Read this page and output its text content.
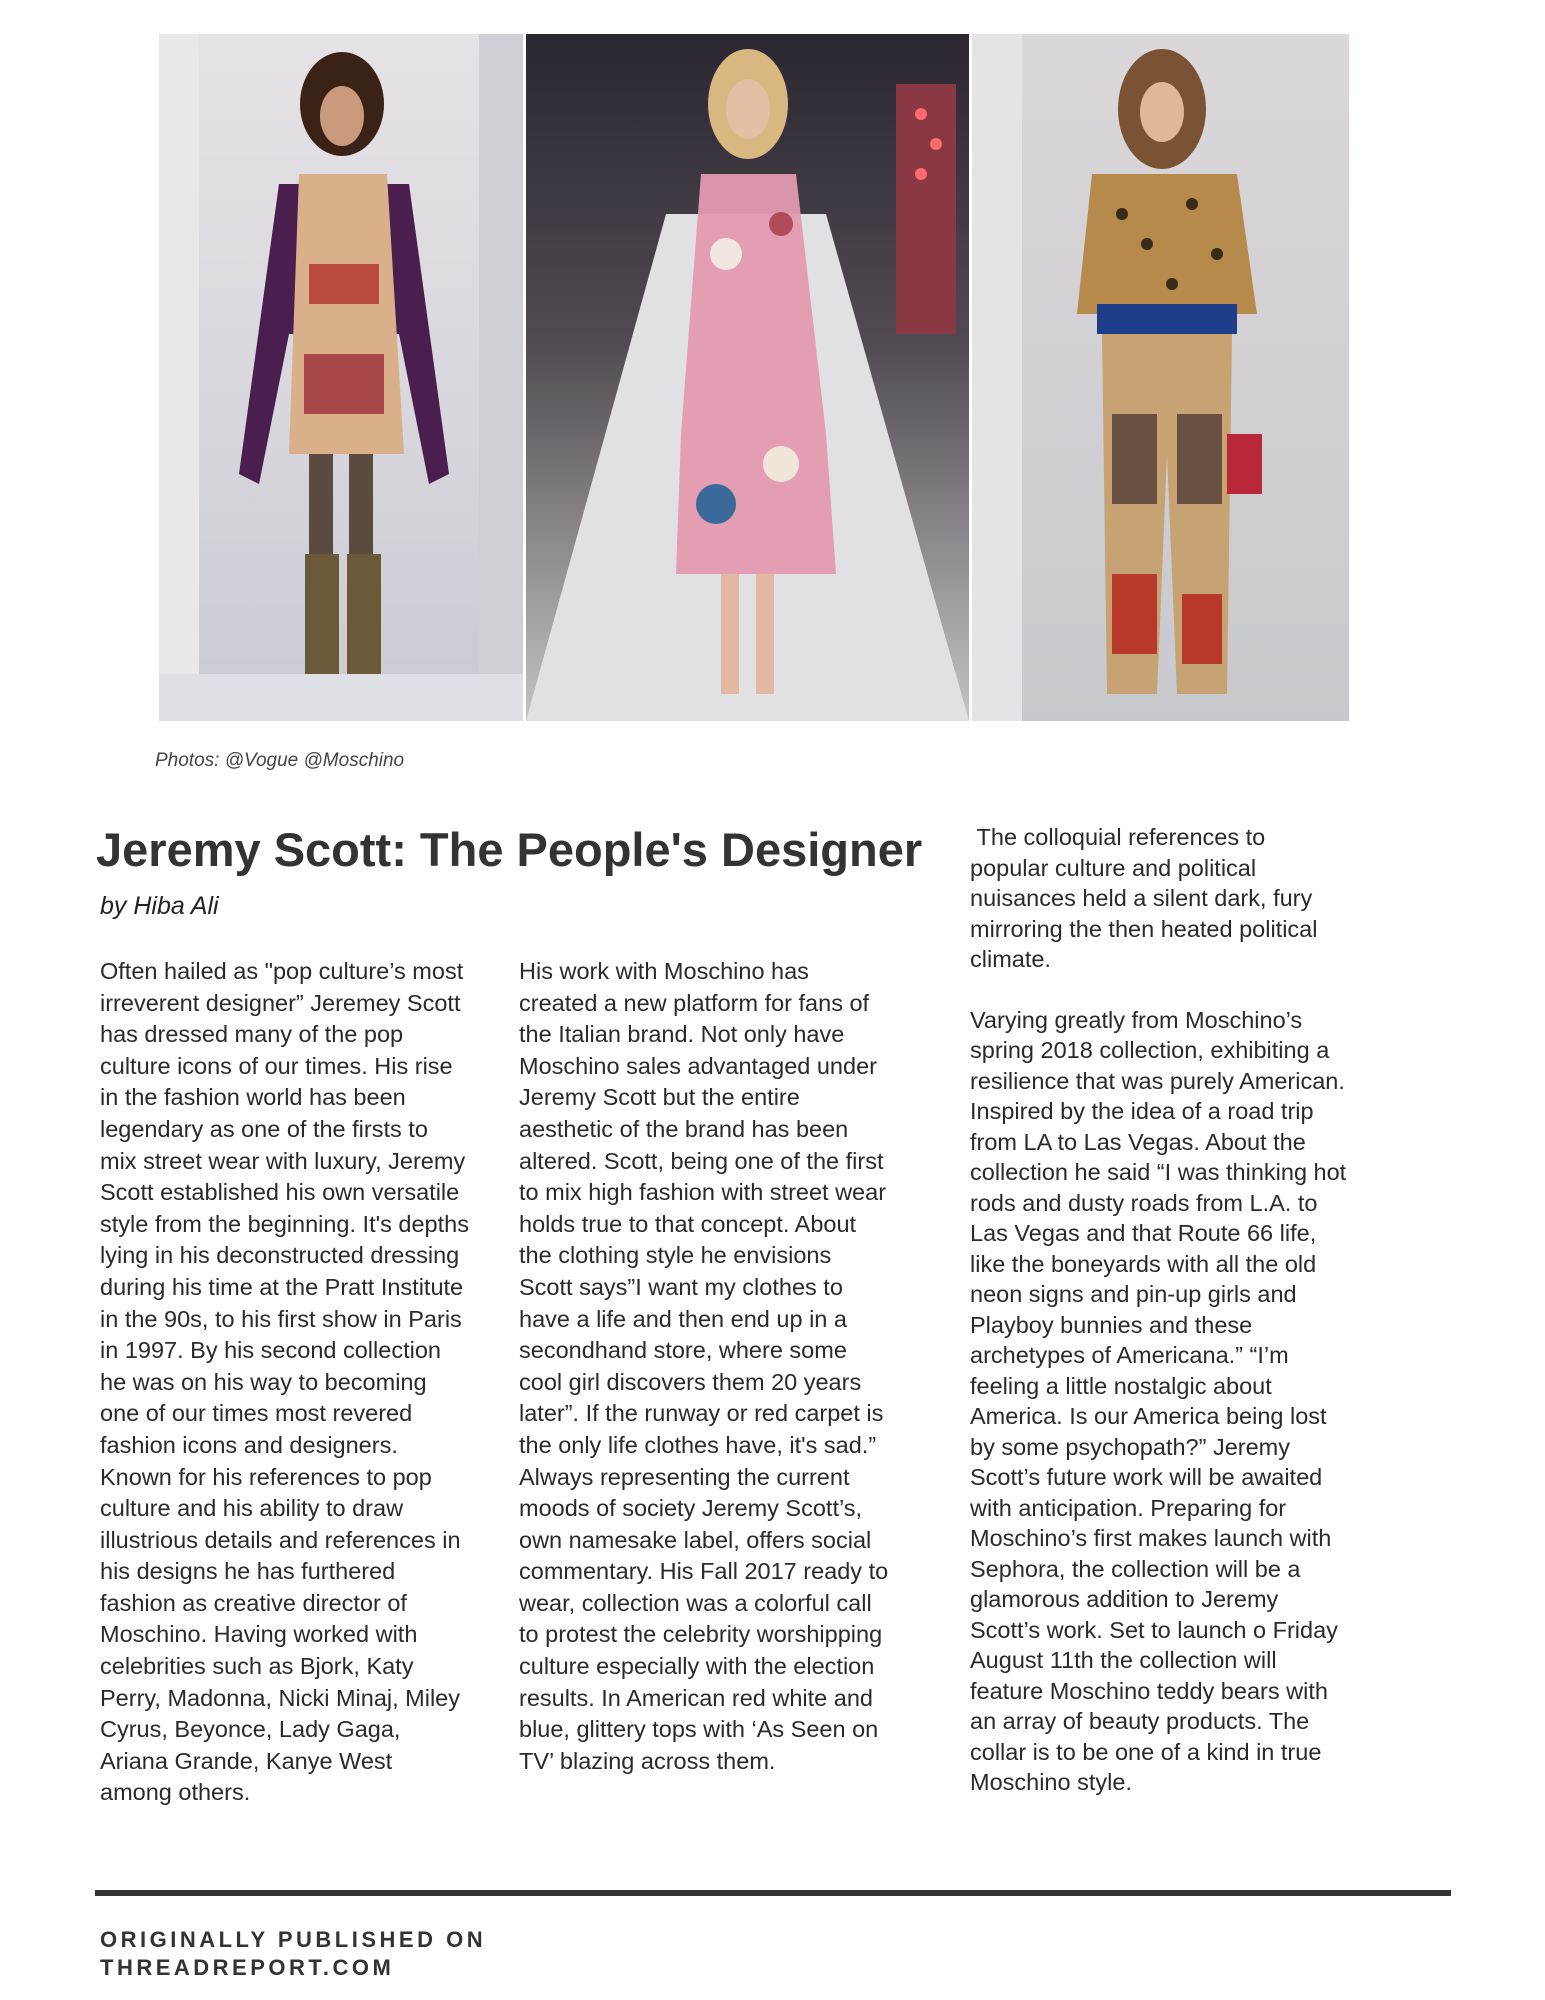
Photos: @Vogue @Moschino
Jeremy Scott: The People's Designer
by Hiba Ali

Often hailed as "pop culture’s most irreverent designer” Jeremey Scott has dressed many of the pop culture icons of our times. His rise in the fashion world has been legendary as one of the firsts to mix street wear with luxury, Jeremy Scott established his own versatile style from the beginning. It's depths lying in his deconstructed dressing during his time at the Pratt Institute in the 90s, to his first show in Paris in 1997. By his second collection he was on his way to becoming one of our times most revered fashion icons and designers. Known for his references to pop culture and his ability to draw illustrious details and references in his designs he has furthered fashion as creative director of Moschino. Having worked with celebrities such as Bjork, Katy Perry, Madonna, Nicki Minaj, Miley Cyrus, Beyonce, Lady Gaga, Ariana Grande, Kanye West among others.

His work with Moschino has created a new platform for fans of the Italian brand. Not only have Moschino sales advantaged under Jeremy Scott but the entire aesthetic of the brand has been altered. Scott, being one of the first to mix high fashion with street wear holds true to that concept. About the clothing style he envisions Scott says”I want my clothes to have a life and then end up in a secondhand store, where some cool girl discovers them 20 years later”. If the runway or red carpet is the only life clothes have, it's sad.” Always representing the current moods of society Jeremy Scott’s, own namesake label, offers social commentary. His Fall 2017 ready to wear, collection was a colorful call to protest the celebrity worshipping culture especially with the election results. In American red white and blue, glittery tops with ‘As Seen on TV’ blazing across them.

The colloquial references to popular culture and political nuisances held a silent dark, fury mirroring the then heated political climate.

Varying greatly from Moschino’s spring 2018 collection, exhibiting a resilience that was purely American. Inspired by the idea of a road trip from LA to Las Vegas. About the collection he said “I was thinking hot rods and dusty roads from L.A. to Las Vegas and that Route 66 life, like the boneyards with all the old neon signs and pin-up girls and Playboy bunnies and these archetypes of Americana.” “I’m feeling a little nostalgic about America. Is our America being lost by some psychopath?” Jeremy Scott’s future work will be awaited with anticipation. Preparing for Moschino’s first makes launch with Sephora, the collection will be a glamorous addition to Jeremy Scott’s work. Set to launch o Friday August 11th the collection will feature Moschino teddy bears with an array of beauty products. The collar is to be one of a kind in true Moschino style.

ORIGINALLY PUBLISHED ON
THREADREPORT.COM
